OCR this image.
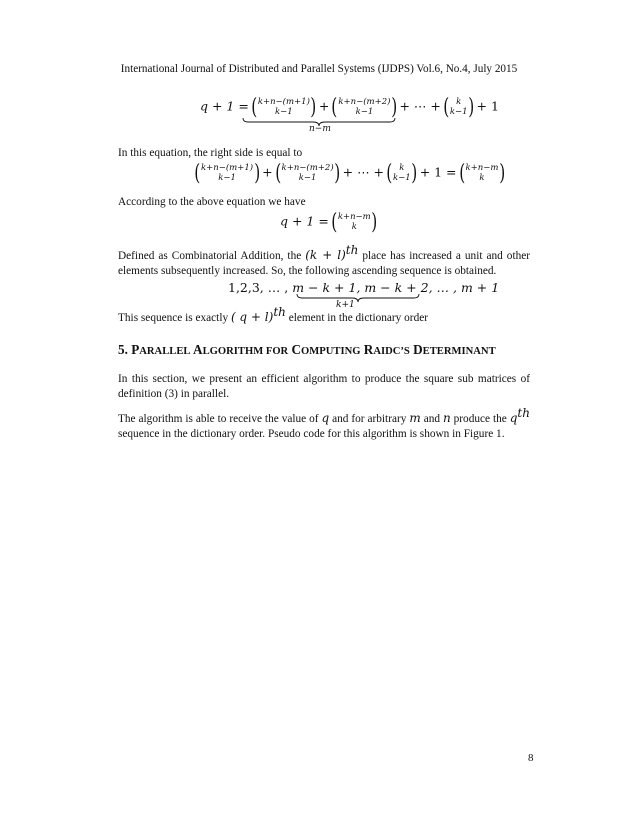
International Journal of Distributed and Parallel Systems (IJDPS) Vol.6, No.4, July 2015
q + 1 = ( k+n−(m+1)
k−1 ) + ( k+n−(m+2)
k−1 ) + ⋯ + ( k
k−1 ) + 1
n−m
In this equation, the right side is equal to
( k+n−(m+1)
k−1 ) + ( k+n−(m+2)
k−1 ) + ⋯ + ( k
k−1 ) + 1 = ( k+n−m
k )
According to the above equation we have
q + 1 = ( k+n−m
k )
Defined as Combinatorial Addition, the $(k + l)^{th}$ place has increased a unit and other elements subsequently increased. So, the following ascending sequence is obtained.
1,2,3, … , m − k + 1, m − k + 2, … , m + 1
k+1
This sequence is exactly ( q + l)$^{th}$ element in the dictionary order
5. PARALLEL ALGORITHM FOR COMPUTING RAIDC’S DETERMINANT
In this section, we present an efficient algorithm to produce the square sub matrices of definition (3) in parallel.
The algorithm is able to receive the value of q and for arbitrary m and n produce the $q^{th}$ sequence in the dictionary order. Pseudo code for this algorithm is shown in Figure 1.
8
